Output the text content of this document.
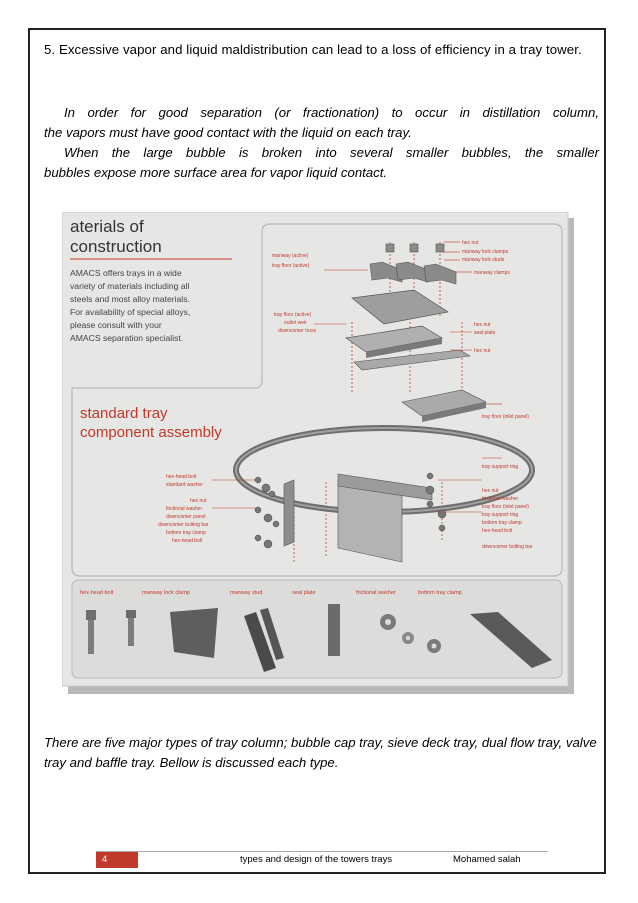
5. Excessive vapor and liquid maldistribution can lead to a loss of efficiency in a tray tower.

In order for good separation (or fractionation) to occur in distillation column,
the vapors must have good contact with the liquid on each tray.
When the large bubble is broken into several smaller bubbles, the smaller
bubbles expose more surface area for vapor liquid contact.

aterials of
construction
AMACS offers trays in a wide
variety of materials including all
steels and most alloy materials.
For availability of special alloys,
please consult with your
AMACS separation specialist.
standard tray
component assembly
manway (active)
tray floor (active)
tray floor (active)
outlet weir
downcomer truss
hex nut
manway lock clamps
manway lock studs
manway clamps
hex nut
seal plate
hex nut
tray floor (inlet panel)
tray support ring
hex-head bolt
standard washer
hex nut
frictional washer
downcomer panel
downcomer bolting bar
bottom tray clamp
hex-head bolt
hex nut
frictional washer
tray floor (inlet panel)
tray support ring
bottom tray clamp
hex-head bolt
downcomer bolting bar
hex-head bolt	manway lock clamp	manway stud	seal plate	frictional washer	bottom tray clamp

There are five major types of tray column; bubble cap tray, sieve deck tray, dual flow tray, valve tray and baffle tray. Bellow is discussed each type.

4	types and design of the towers trays	Mohamed salah
